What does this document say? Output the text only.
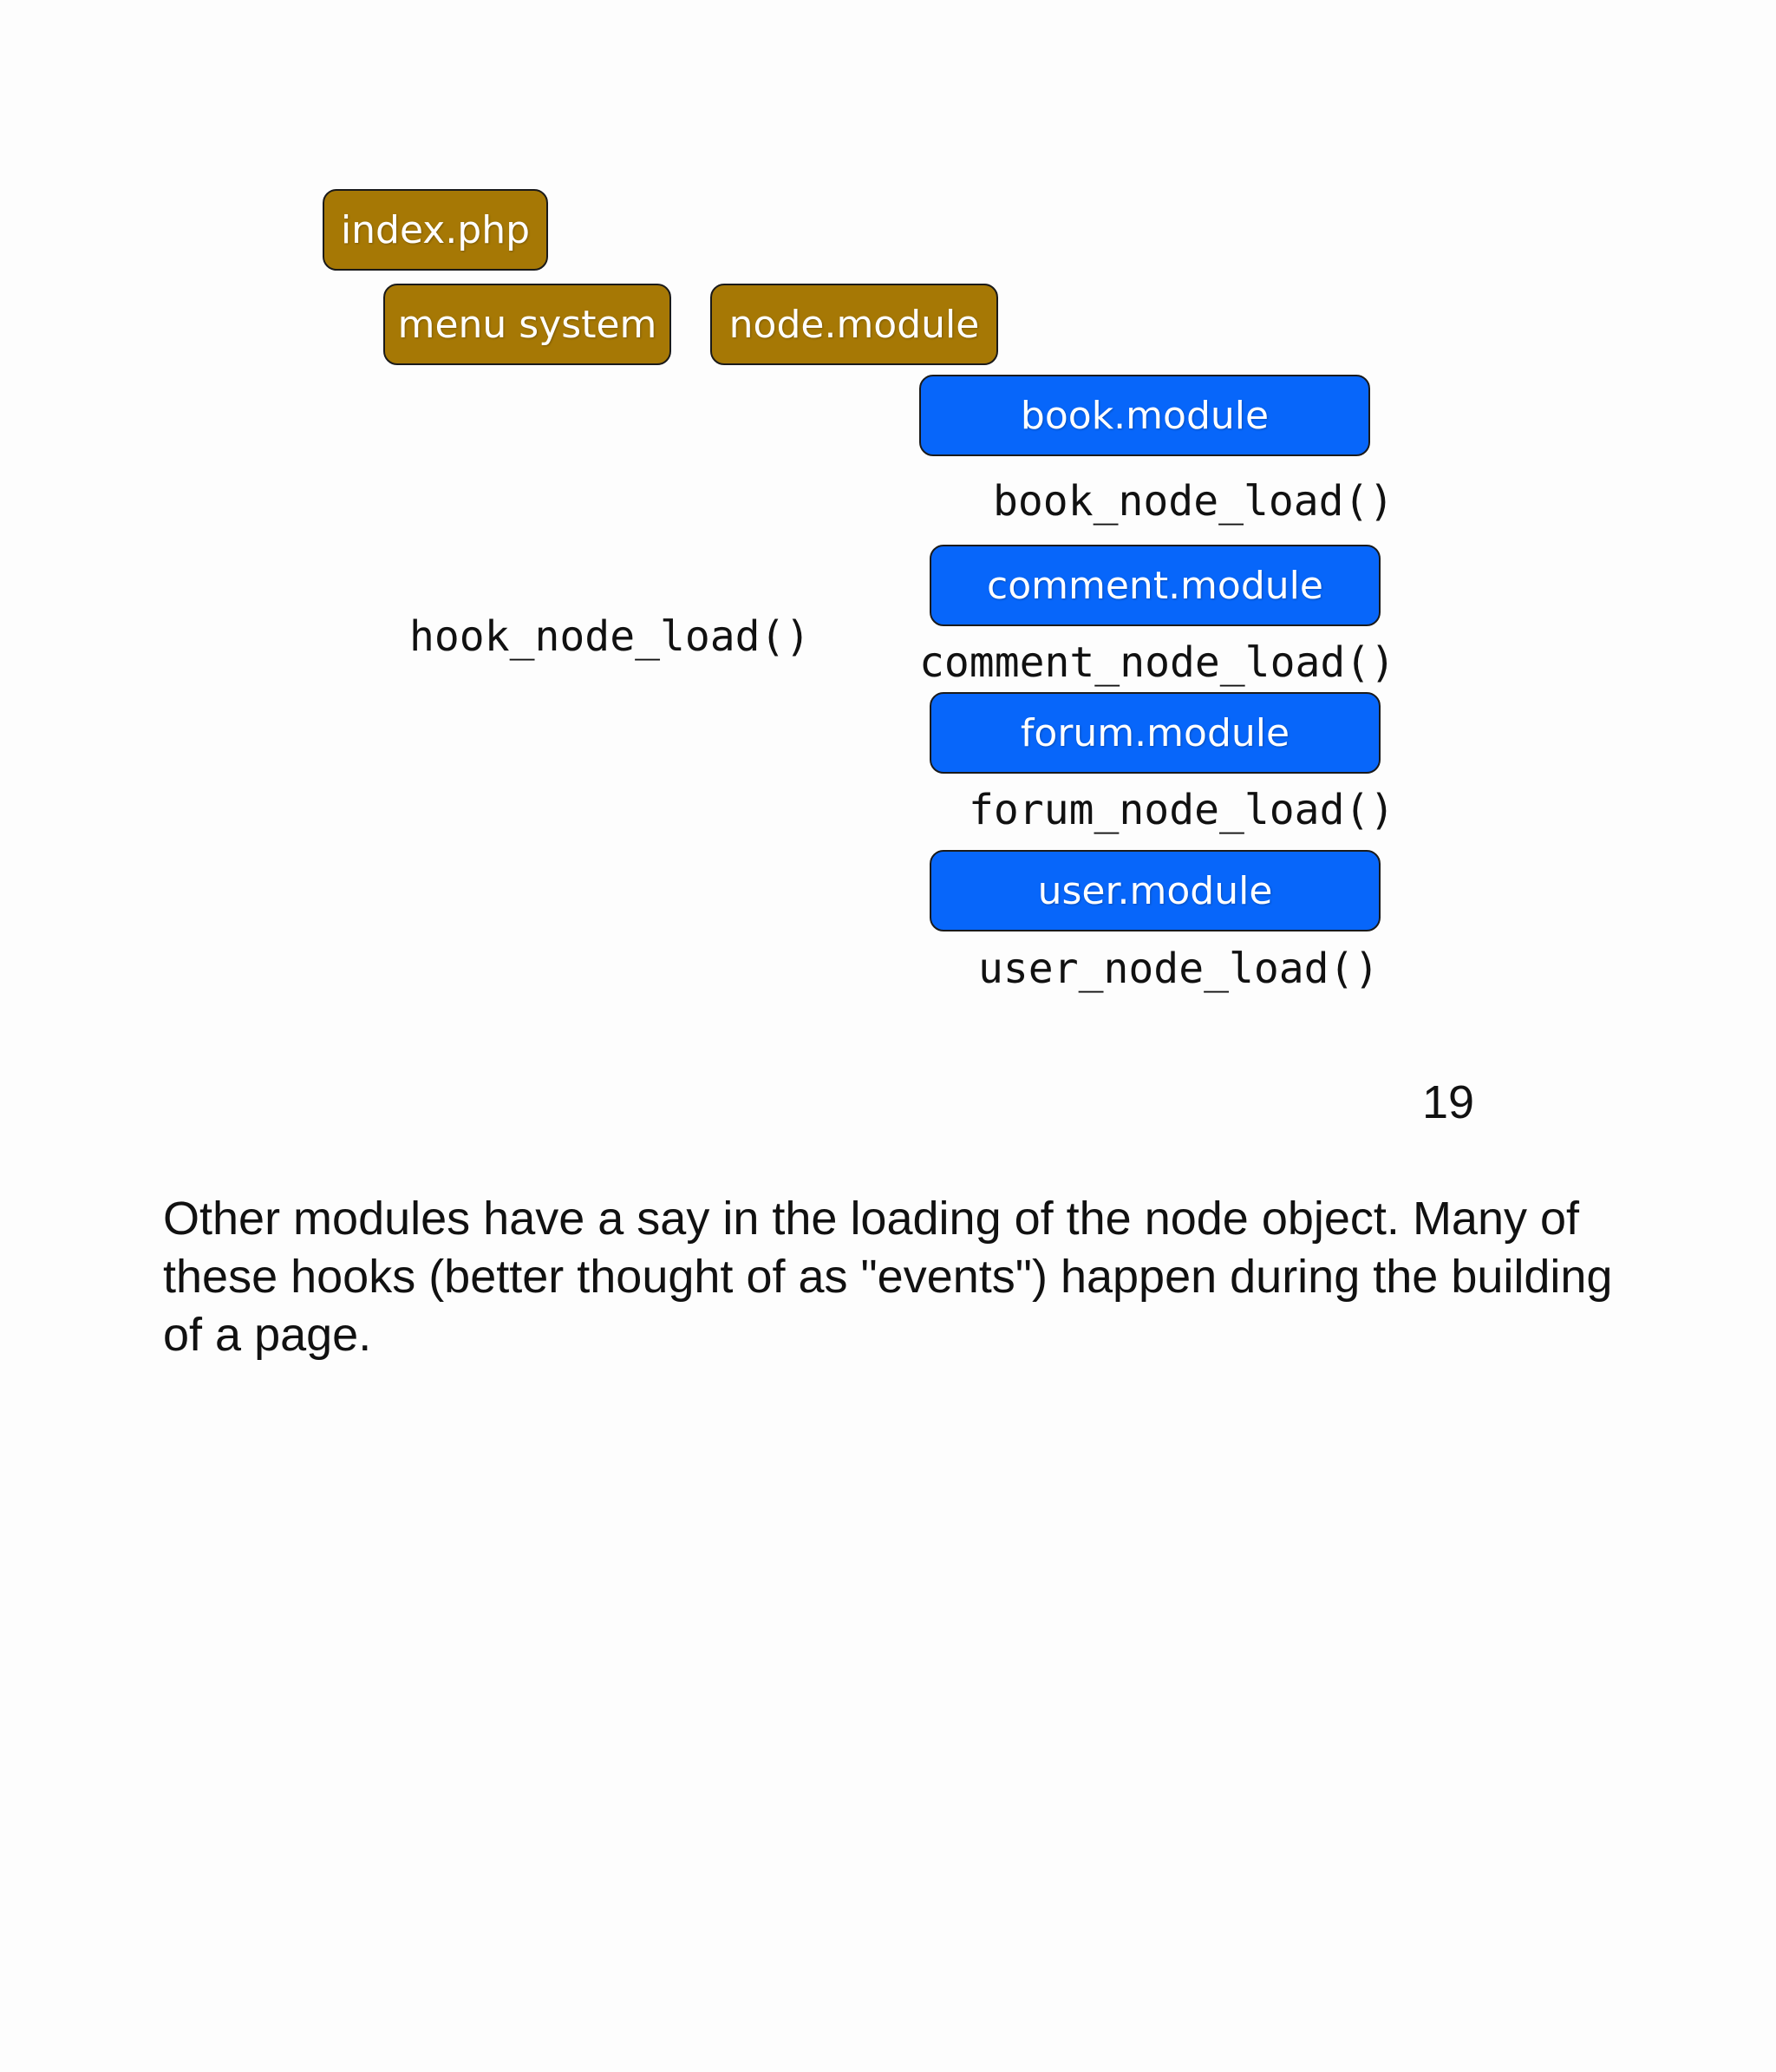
index.php
menu system	node.module
book.module
book_node_load()
comment.module
hook_node_load()
comment_node_load()
forum.module
forum_node_load()
user.module
user_node_load()
19
Other modules have a say in the loading of the node object. Many of these hooks (better thought of as "events") happen during the building of a page.
